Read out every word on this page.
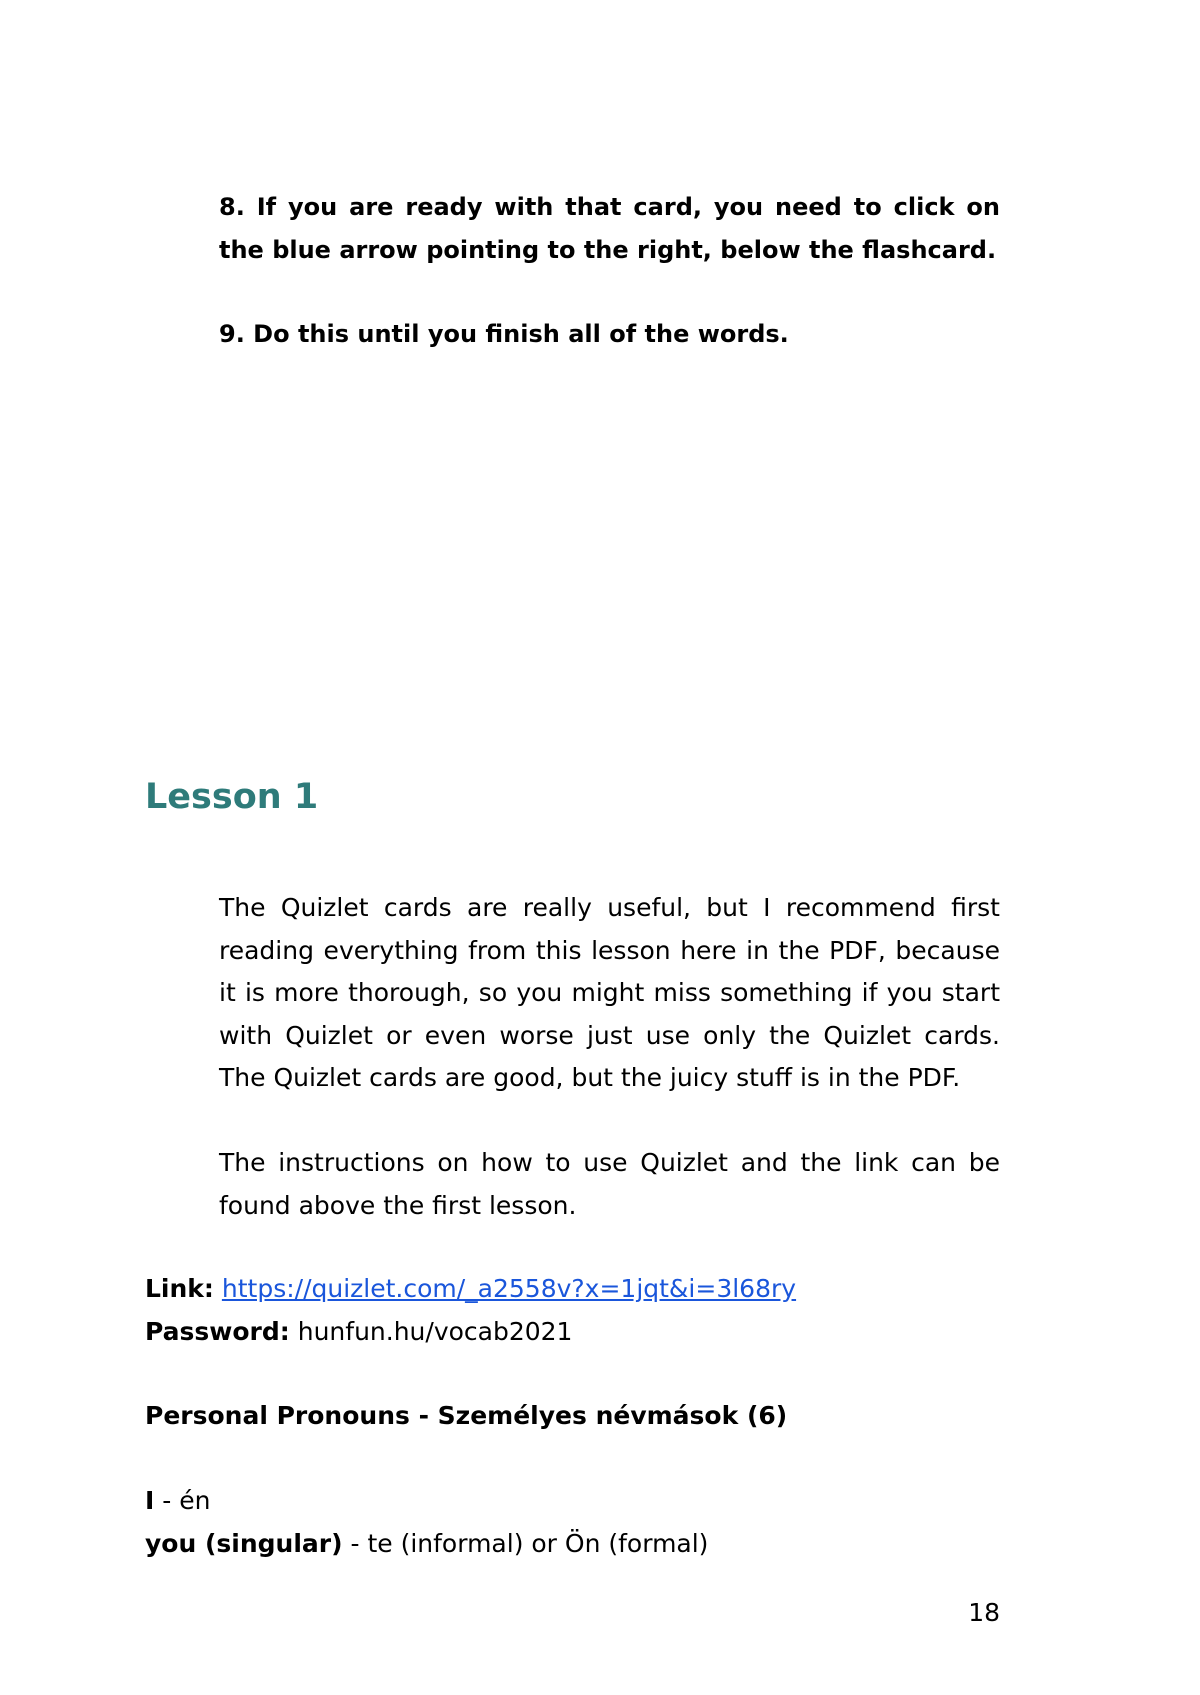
8. If you are ready with that card, you need to click on the blue arrow pointing to the right, below the flashcard.

9. Do this until you finish all of the words.

Lesson 1

The Quizlet cards are really useful, but I recommend first reading everything from this lesson here in the PDF, because it is more thorough, so you might miss something if you start with Quizlet or even worse just use only the Quizlet cards. The Quizlet cards are good, but the juicy stuff is in the PDF.

The instructions on how to use Quizlet and the link can be found above the first lesson.

Link: https://quizlet.com/_a2558v?x=1jqt&i=3l68ry

Password: hunfun.hu/vocab2021

Personal Pronouns - Személyes névmások (6)

I - én

you (singular) - te (informal) or Ön (formal)

18
